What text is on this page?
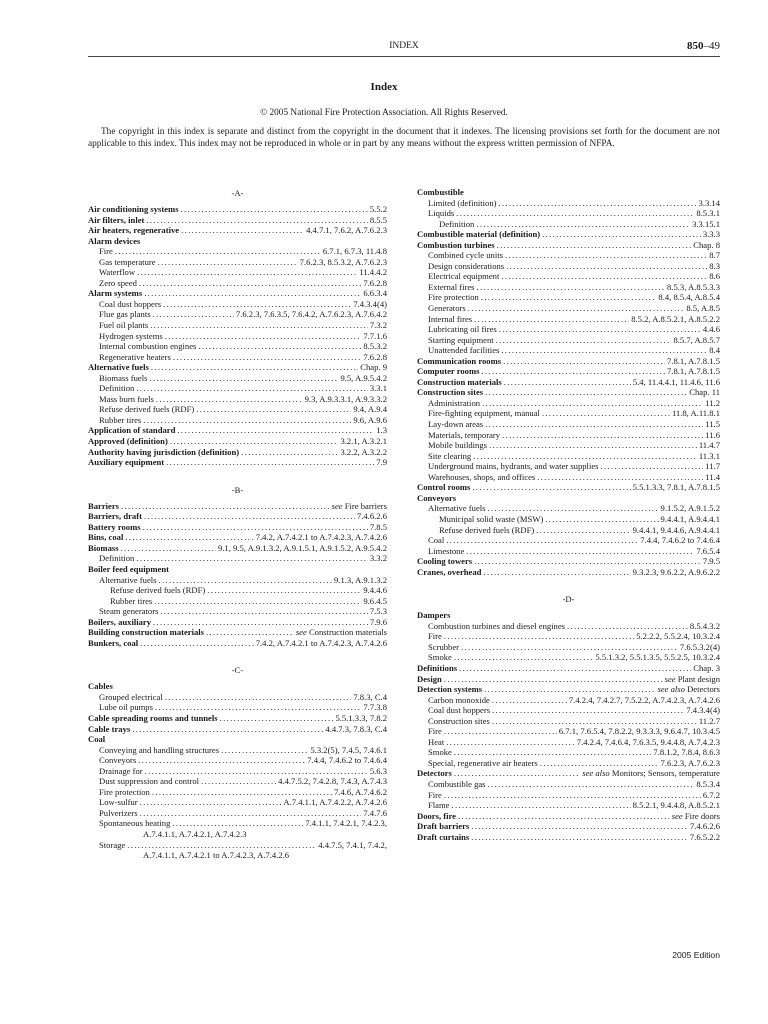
INDEX	850–49
Index
© 2005 National Fire Protection Association. All Rights Reserved.

The copyright in this index is separate and distinct from the copyright in the document that it indexes. The licensing provisions set forth for the document are not applicable to this index. This index may not be reproduced in whole or in part by any means without the express written permission of NFPA.

-A-
Air conditioning systems . . .	5.5.2
Air filters, inlet . . .	8.5.5
Air heaters, regenerative . . .	4.4.7.1, 7.6.2, A.7.6.2.3
Alarm devices
Fire . . .	6.7.1, 6.7.3, 11.4.8
Gas temperature . . .	7.6.2.3, 8.5.3.2, A.7.6.2.3
Waterflow . . .	11.4.4.2
Zero speed . . .	7.6.2.8
Alarm systems . . .	6.6.3.4
Coal dust hoppers . . .	7.4.3.4(4)
Flue gas plants . . .	7.6.2.3, 7.6.3.5, 7.6.4.2, A.7.6.2.3, A.7.6.4.2
Fuel oil plants . . .	7.3.2
Hydrogen systems . . .	7.7.1.6
Internal combustion engines . . .	8.5.3.2
Regenerative heaters . . .	7.6.2.8
Alternative fuels . . .	Chap. 9
Biomass fuels . . .	9.5, A.9.5.4.2
Definition . . .	3.3.1
Mass burn fuels . . .	9.3, A.9.3.3.1, A.9.3.3.2
Refuse derived fuels (RDF) . . .	9.4, A.9.4
Rubber tires . . .	9.6, A.9.6
Application of standard . . .	1.3
Approved (definition) . . .	3.2.1, A.3.2.1
Authority having jurisdiction (definition) . . .	3.2.2, A.3.2.2
Auxiliary equipment . . .	7.9
-B-
Barriers . . .	see Fire barriers
Barriers, draft . . .	7.4.6.2.6
Battery rooms . . .	7.8.5
Bins, coal . . .	7.4.2, A.7.4.2.1 to A.7.4.2.3, A.7.4.2.6
Biomass . . .	9.1, 9.5, A.9.1.3.2, A.9.1.5.1, A.9.1.5.2, A.9.5.4.2
Definition . . .	3.3.2
Boiler feed equipment
Alternative fuels . . .	9.1.3, A.9.1.3.2
Refuse derived fuels (RDF) . . .	9.4.4.6
Rubber tires . . .	9.6.4.5
Steam generators . . .	7.5.3
Boilers, auxiliary . . .	7.9.6
Building construction materials . . .	see Construction materials
Bunkers, coal . . .	7.4.2, A.7.4.2.1 to A.7.4.2.3, A.7.4.2.6
-C-
Cables
Grouped electrical . . .	7.8.3, C.4
Lube oil pumps . . .	7.7.3.8
Cable spreading rooms and tunnels . . .	5.5.1.3.3, 7.8.2
Cable trays . . .	4.4.7.3, 7.8.3, C.4
Coal
Conveying and handling structures . . .	5.3.2(5), 7.4.5, 7.4.6.1
Conveyors . . .	7.4.4, 7.4.6.2 to 7.4.6.4
Drainage for . . .	5.6.3
Dust suppression and control . . .	4.4.7.5.2, 7.4.2.8, 7.4.3, A.7.4.3
Fire protection . . .	7.4.6, A.7.4.6.2
Low-sulfur . . .	A.7.4.1.1, A.7.4.2.2, A.7.4.2.6
Pulverizers . . .	7.4.7.6
Spontaneous heating . . .	7.4.1.1, 7.4.2.1, 7.4.2.3,
A.7.4.1.1, A.7.4.2.1, A.7.4.2.3
Storage . . .	4.4.7.5, 7.4.1, 7.4.2,
A.7.4.1.1, A.7.4.2.1 to A.7.4.2.3, A.7.4.2.6
Combustible
Limited (definition) . . .	3.3.14
Liquids . . .	8.5.3.1
Definition . . .	3.3.15.1
Combustible material (definition) . . .	3.3.3
Combustion turbines . . .	Chap. 8
Combined cycle units . . .	8.7
Design considerations . . .	8.3
Electrical equipment . . .	8.6
External fires . . .	8.5.3, A.8.5.3.3
Fire protection . . .	8.4, 8.5.4, A.8.5.4
Generators . . .	8.5, A.8.5
Internal fires . . .	8.5.2, A.8.5.2.1, A.8.5.2.2
Lubricating oil fires . . .	4.4.6
Starting equipment . . .	8.5.7, A.8.5.7
Unattended facilities . . .	8.4
Communication rooms . . .	7.8.1, A.7.8.1.5
Computer rooms . . .	7.8.1, A.7.8.1.5
Construction materials . . .	5.4, 11.4.4.1, 11.4.6, 11.6
Construction sites . . .	Chap. 11
Administration . . .	11.2
Fire-fighting equipment, manual . . .	11.8, A.11.8.1
Lay-down areas . . .	11.5
Materials, temporary . . .	11.6
Mobile buildings . . .	11.4.7
Site clearing . . .	11.3.1
Underground mains, hydrants, and water supplies . . .	11.7
Warehouses, shops, and offices . . .	11.4
Control rooms . . .	5.5.1.3.3, 7.8.1, A.7.8.1.5
Conveyors
Alternative fuels . . .	9.1.5.2, A.9.1.5.2
Municipal solid waste (MSW) . . .	9.4.4.1, A.9.4.4.1
Refuse derived fuels (RDF) . . .	9.4.4.1, 9.4.4.6, A.9.4.4.1
Coal . . .	7.4.4, 7.4.6.2 to 7.4.6.4
Limestone . . .	7.6.5.4
Cooling towers . . .	7.9.5
Cranes, overhead . . .	9.3.2.3, 9.6.2.2, A.9.6.2.2
-D-
Dampers
Combustion turbines and diesel engines . . .	8.5.4.3.2
Fire . . .	5.2.2.2, 5.5.2.4, 10.3.2.4
Scrubber . . .	7.6.5.3.2(4)
Smoke . . .	5.5.1.3.2, 5.5.1.3.5, 5.5.2.5, 10.3.2.4
Definitions . . .	Chap. 3
Design . . .	see Plant design
Detection systems . . .	see also Detectors
Carbon monoxide . . .	7.4.2.4, 7.4.2.7, 7.5.2.2, A.7.4.2.3, A.7.4.2.6
Coal dust hoppers . . .	7.4.3.4(4)
Construction sites . . .	11.2.7
Fire . . .	6.7.1, 7.6.5.4, 7.8.2.2, 9.3.3.3, 9.6.4.7, 10.3.4.5
Heat . . .	7.4.2.4, 7.4.6.4, 7.6.3.5, 9.4.4.8, A.7.4.2.3
Smoke . . .	7.8.1.2, 7.8.4, 8.6.3
Special, regenerative air heaters . . .	7.6.2.3, A.7.6.2.3
Detectors . . .	see also Monitors; Sensors, temperature
Combustible gas . . .	8.5.3.4
Fire . . .	6.7.2
Flame . . .	8.5.2.1, 9.4.4.8, A.8.5.2.1
Doors, fire . . .	see Fire doors
Draft barriers . . .	7.4.6.2.6
Draft curtains . . .	7.6.5.2.2
2005 Edition
